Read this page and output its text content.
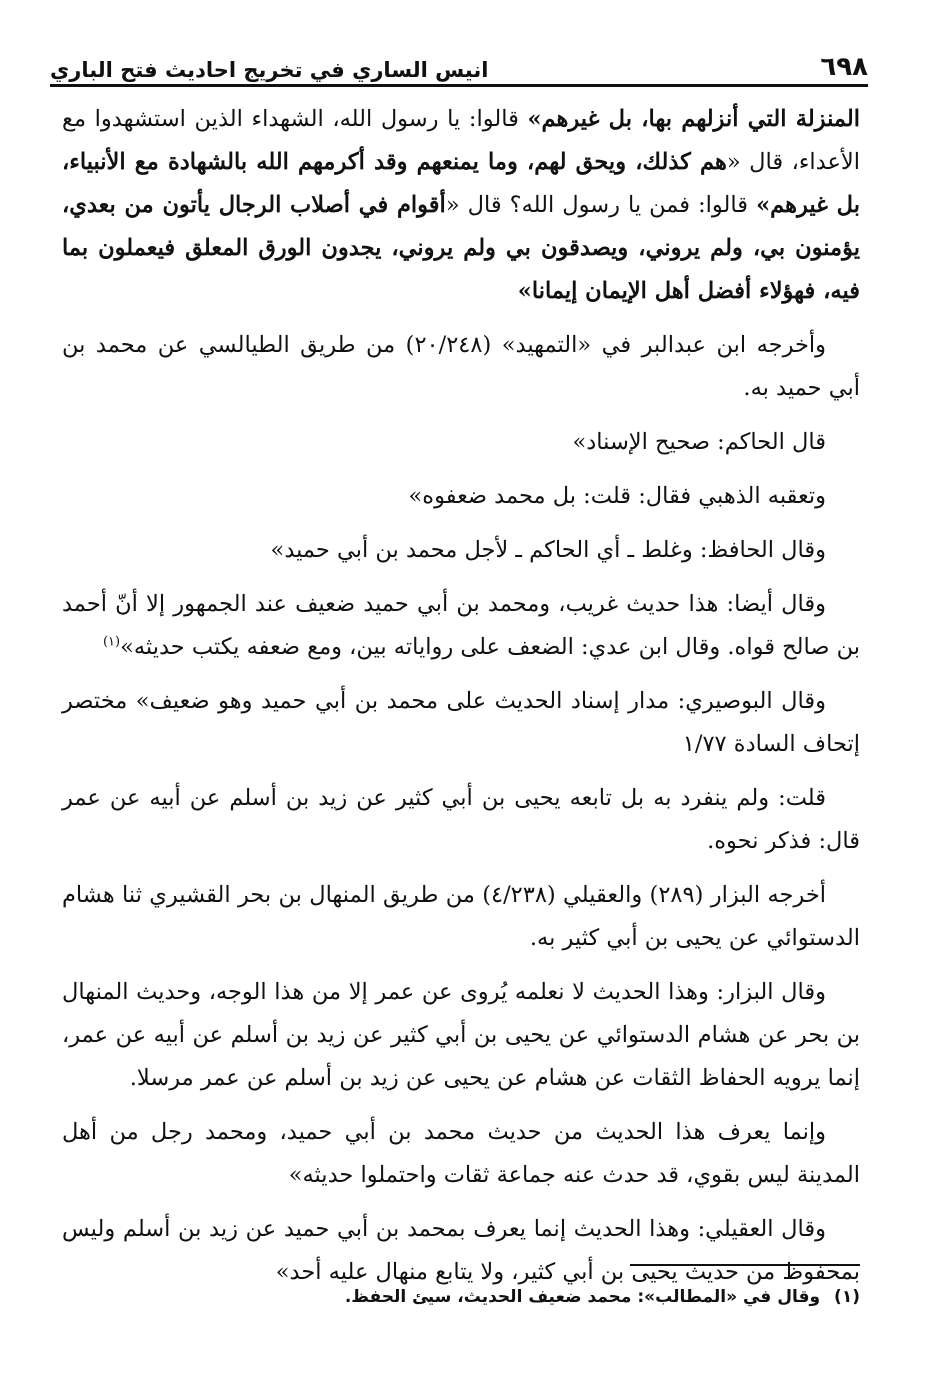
٦٩٨
انيس الساري في تخريج احاديث فتح الباري

المنزلة التي أنزلهم بها، بل غيرهم» قالوا: يا رسول الله، الشهداء الذين استشهدوا مع الأعداء، قال «هم كذلك، ويحق لهم، وما يمنعهم وقد أكرمهم الله بالشهادة مع الأنبياء، بل غيرهم» قالوا: فمن يا رسول الله؟ قال «أقوام في أصلاب الرجال يأتون من بعدي، يؤمنون بي، ولم يروني، ويصدقون بي ولم يروني، يجدون الورق المعلق فيعملون بما فيه، فهؤلاء أفضل أهل الإيمان إيمانا»

وأخرجه ابن عبدالبر في «التمهيد» (٢٠/٢٤٨) من طريق الطيالسي عن محمد بن أبي حميد به.

قال الحاكم: صحيح الإسناد»

وتعقبه الذهبي فقال: قلت: بل محمد ضعفوه»

وقال الحافظ: وغلط ـ أي الحاكم ـ لأجل محمد بن أبي حميد»

وقال أيضا: هذا حديث غريب، ومحمد بن أبي حميد ضعيف عند الجمهور إلا أنّ أحمد بن صالح قواه. وقال ابن عدي: الضعف على رواياته بين، ومع ضعفه يكتب حديثه»$^{(١)}$

وقال البوصيري: مدار إسناد الحديث على محمد بن أبي حميد وهو ضعيف» مختصر إتحاف السادة ١/٧٧

قلت: ولم ينفرد به بل تابعه يحيى بن أبي كثير عن زيد بن أسلم عن أبيه عن عمر قال: فذكر نحوه.

أخرجه البزار (٢٨٩) والعقيلي (٤/٢٣٨) من طريق المنهال بن بحر القشيري ثنا هشام الدستوائي عن يحيى بن أبي كثير به.

وقال البزار: وهذا الحديث لا نعلمه يُروى عن عمر إلا من هذا الوجه، وحديث المنهال بن بحر عن هشام الدستوائي عن يحيى بن أبي كثير عن زيد بن أسلم عن أبيه عن عمر، إنما يرويه الحفاظ الثقات عن هشام عن يحيى عن زيد بن أسلم عن عمر مرسلا.

وإنما يعرف هذا الحديث من حديث محمد بن أبي حميد، ومحمد رجل من أهل المدينة ليس بقوي، قد حدث عنه جماعة ثقات واحتملوا حديثه»

وقال العقيلي: وهذا الحديث إنما يعرف بمحمد بن أبي حميد عن زيد بن أسلم وليس بمحفوظ من حديث يحيى بن أبي كثير، ولا يتابع منهال عليه أحد»

(١)وقال في «المطالب»: محمد ضعيف الحديث، سيئ الحفظ.
